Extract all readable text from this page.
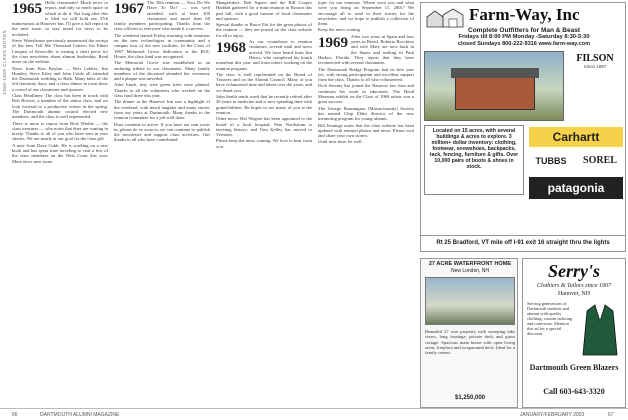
1960-1969 CLASS NOTES
1965 Hello classmates! Much news to report, and only so much space in which to do it. Not long after this is filed we will hold our 37th minireunion at Hanover Inn. I'll give a full report in the next issue, so stay tuned for news to be included.
Steve Waterhouse previously announced the receipt of the new Tell Me Thousand Letters; his Elmer Linquist of Knoxville is writing a short piece for the class newsletter about alumni leadership. Read more on the website.
News from Ken Boylan — Bert Lekker, Jim Huntley, Steve Kiley and John Cuttle all attended the Dartmouth wedding in Bath. Many tales of the old fraternity days; and a class dinner in town drew a crowd of our classmates and spouses.
Class Headlines: The class has been in touch with Bob Hoover, a member of the senior class, and we look forward to a productive retreat in the spring. The Dartmouth alumni council elected new members, and the class is well represented.
There is more to report from Rick Winkle — the class treasurer — who notes that dues are coming in nicely. Thanks to all of you who have sent in your checks. We are nearly at our goal for the class gift.
A note from Dave Cobb: He is working on a new book and has spent time traveling to visit a few of the class members on the West Coast this year. More news next issue.
1967 The 35th reunion — Now Do We Have To Do? — was well attended, with at least 100 classmates and more than 60 family members participating. Thanks from the class officers to everyone who made it a success.
The weekend started Friday morning with seminars on the new technologies in community and a campus tour of the new facilities. In the Class of 1967 Memorial Grove dedication at the BOC House, the class fund was recognized.
The Memorial Grove was established as an enduring tribute to our classmates. Many family members of the deceased attended the ceremony and a plaque was unveiled.
After lunch, tiny wise green trees were planted. Thanks to all the volunteers who worked on the class fund drive this year.
The dinner at the Hanover Inn was a highlight of the weekend, with much laughter and many stories from our years at Dartmouth. Many thanks to the reunion committee for a job well done.
Dues continue to arrive. If you have not sent yours in, please do so soon so we can continue to publish the newsletter and support class activities. Our thanks to all who have contributed.
Mangelsdorf, Bob Sapers and the Bill Cooper Haddad gathered for a mini-reunion in Boston this past fall, with a good turnout of local classmates and spouses.
Special thanks to Bruce Pitt for the great photos of the reunion — they are posted on the class website for all to enjoy.
1968 As our countdown to reunion continues, several mail and news arrived. We have heard from Jim Harris, who completed his fourth marathon this year, and from others working on the reunion program.
The class is well represented on the Board of Trustees and on the Alumni Council. Many of you have volunteered time and talent over the years, and we thank you.
John Smith sends word that he recently retired after 30 years in medicine and is now spending time with grandchildren. He hopes to see many of you at the reunion.
Other news: Hal Wegner has been appointed to the board of a local hospital; Pete Nordstrom is teaching history; and Tom Kelley has moved to Vermont.
Please keep the news coming. We love to hear from you.
topic for our reunions. Where were you and what were you doing on September 11, 2001? We encourage all to send in their stories for the newsletter, and we hope to publish a collection of them.
Keep the news coming.
1969 After two years in Spain and four years in Brazil, Roberto Bocchino and wife Mary are now back in the States and settling in Park Harbor, Florida. They report that they have reconnected with several classmates.
The Dartmouth Bridge Program had its best year yet, with strong participation and excellent support from the class. Thanks to all who volunteered.
Dick Seremy has joined the Hanover law firm and continues his work in education. The Hood Museum exhibit on the Class of 1969 artists was a great success.
The George Bonnington [Massachusetts] Society has named Chip Elder director of the new mentoring program for young alumni.
Bill Jennings notes that the class website has been updated with reunion photos and news. Please visit and share your own stories.
Until next time, be well.
Farm-Way, Inc
Complete Outfitters for Man & Beast
Fridays till 8:00 PM Monday -Saturday 8:30-5:30
closed Sundays 800-222-9316 www.farm-way.com
FILSON
Since 1897
Located on 15 acres, with several buildings & acres to explore. 3 million+ dollar inventory: clothing, footwear, snowshoes, backpacks, tack, fencing, furniture & gifts. Over 10,000 pairs of boots & shoes in stock.
Carhartt
TUBBS	SOREL
patagonia
Rt 25 Bradford, VT mile off I-91 exit 16 straight thru the lights
27 ACRE WATERFRONT HOME
New London, NH
Beautiful 27 acre property with sweeping lake views, long frontage, private dock and guest cottage. Spacious main house with open living areas, fireplace and wraparound deck. Ideal for a family retreat.
$1,250,000
Serry's
Clothiers & Tailors since 1907
Hanover, NH
Serving generations of Dartmouth students and alumni with quality clothing, custom tailoring and outerwear. Mention this ad for a special discount.
Dartmouth Green Blazers
Call 603-643-3320
66	DARTMOUTH ALUMNI MAGAZINE	JANUARY/FEBRUARY 2003	67
